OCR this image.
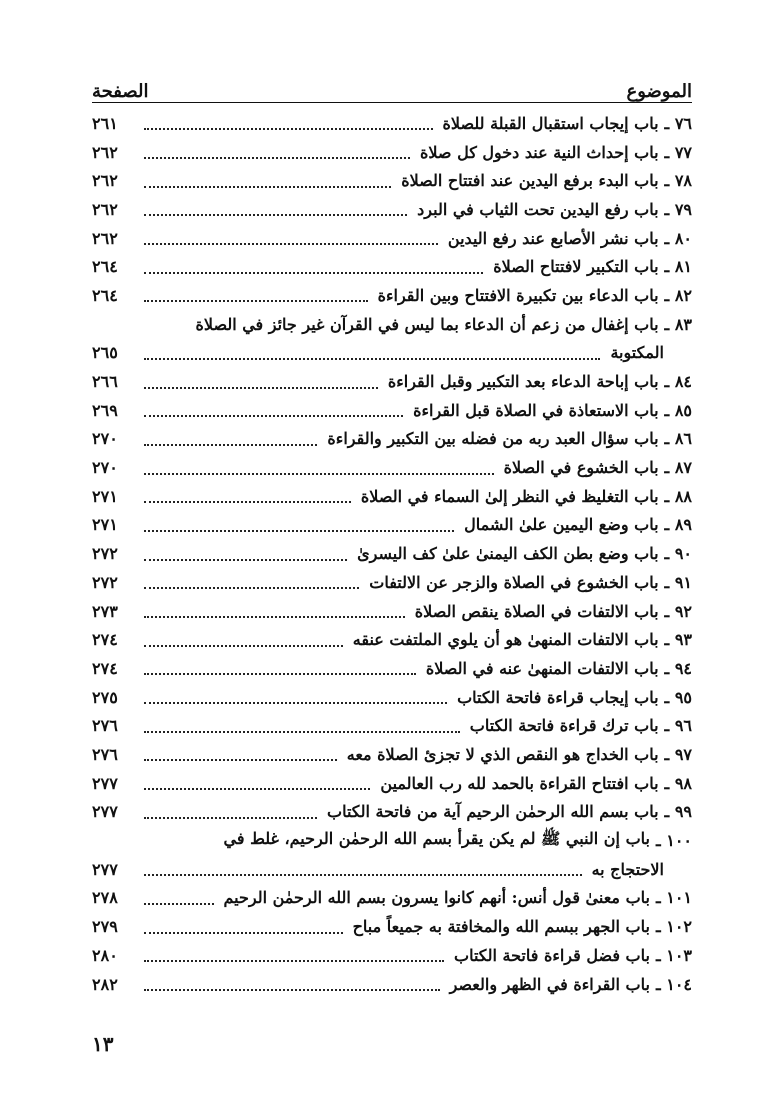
الصفحة	الموضوع
٧٦ ـ
باب إيجاب استقبال القبلة للصلاة
٢٦١
٧٧ ـ
باب إحداث النية عند دخول كل صلاة
٢٦٢
٧٨ ـ
باب البدء برفع اليدين عند افتتاح الصلاة
٢٦٢
٧٩ ـ
باب رفع اليدين تحت الثياب في البرد
٢٦٢
٨٠ ـ
باب نشر الأصابع عند رفع اليدين
٢٦٢
٨١ ـ
باب التكبير لافتتاح الصلاة
٢٦٤
٨٢ ـ
باب الدعاء بين تكبيرة الافتتاح وبين القراءة
٢٦٤
٨٣ ـ
باب إغفال من زعم أن الدعاء بما ليس في القرآن غير جائز في الصلاة
المكتوبة
٢٦٥
٨٤ ـ
باب إباحة الدعاء بعد التكبير وقبل القراءة
٢٦٦
٨٥ ـ
باب الاستعاذة في الصلاة قبل القراءة
٢٦٩
٨٦ ـ
باب سؤال العبد ربه من فضله بين التكبير والقراءة
٢٧٠
٨٧ ـ
باب الخشوع في الصلاة
٢٧٠
٨٨ ـ
باب التغليظ في النظر إلىٰ السماء في الصلاة
٢٧١
٨٩ ـ
باب وضع اليمين علىٰ الشمال
٢٧١
٩٠ ـ
باب وضع بطن الكف اليمنىٰ علىٰ كف اليسرىٰ
٢٧٢
٩١ ـ
باب الخشوع في الصلاة والزجر عن الالتفات
٢٧٢
٩٢ ـ
باب الالتفات في الصلاة ينقص الصلاة
٢٧٣
٩٣ ـ
باب الالتفات المنهىٰ هو أن يلوي الملتفت عنقه
٢٧٤
٩٤ ـ
باب الالتفات المنهىٰ عنه في الصلاة
٢٧٤
٩٥ ـ
باب إيجاب قراءة فاتحة الكتاب
٢٧٥
٩٦ ـ
باب ترك قراءة فاتحة الكتاب
٢٧٦
٩٧ ـ
باب الخداج هو النقص الذي لا تجزئ الصلاة معه
٢٧٦
٩٨ ـ
باب افتتاح القراءة بالحمد لله رب العالمين
٢٧٧
٩٩ ـ
باب بسم الله الرحمٰن الرحيم آية من فاتحة الكتاب
٢٧٧
١٠٠ ـ
باب إن النبي ﷺ لم يكن يقرأ بسم الله الرحمٰن الرحيم، غلط في
الاحتجاج به
٢٧٧
١٠١ ـ
باب معنىٰ قول أنس: أنهم كانوا يسرون بسم الله الرحمٰن الرحيم
٢٧٨
١٠٢ ـ
باب الجهر ببسم الله والمخافتة به جميعاً مباح
٢٧٩
١٠٣ ـ
باب فضل قراءة فاتحة الكتاب
٢٨٠
١٠٤ ـ
باب القراءة في الظهر والعصر
٢٨٢
١٣
